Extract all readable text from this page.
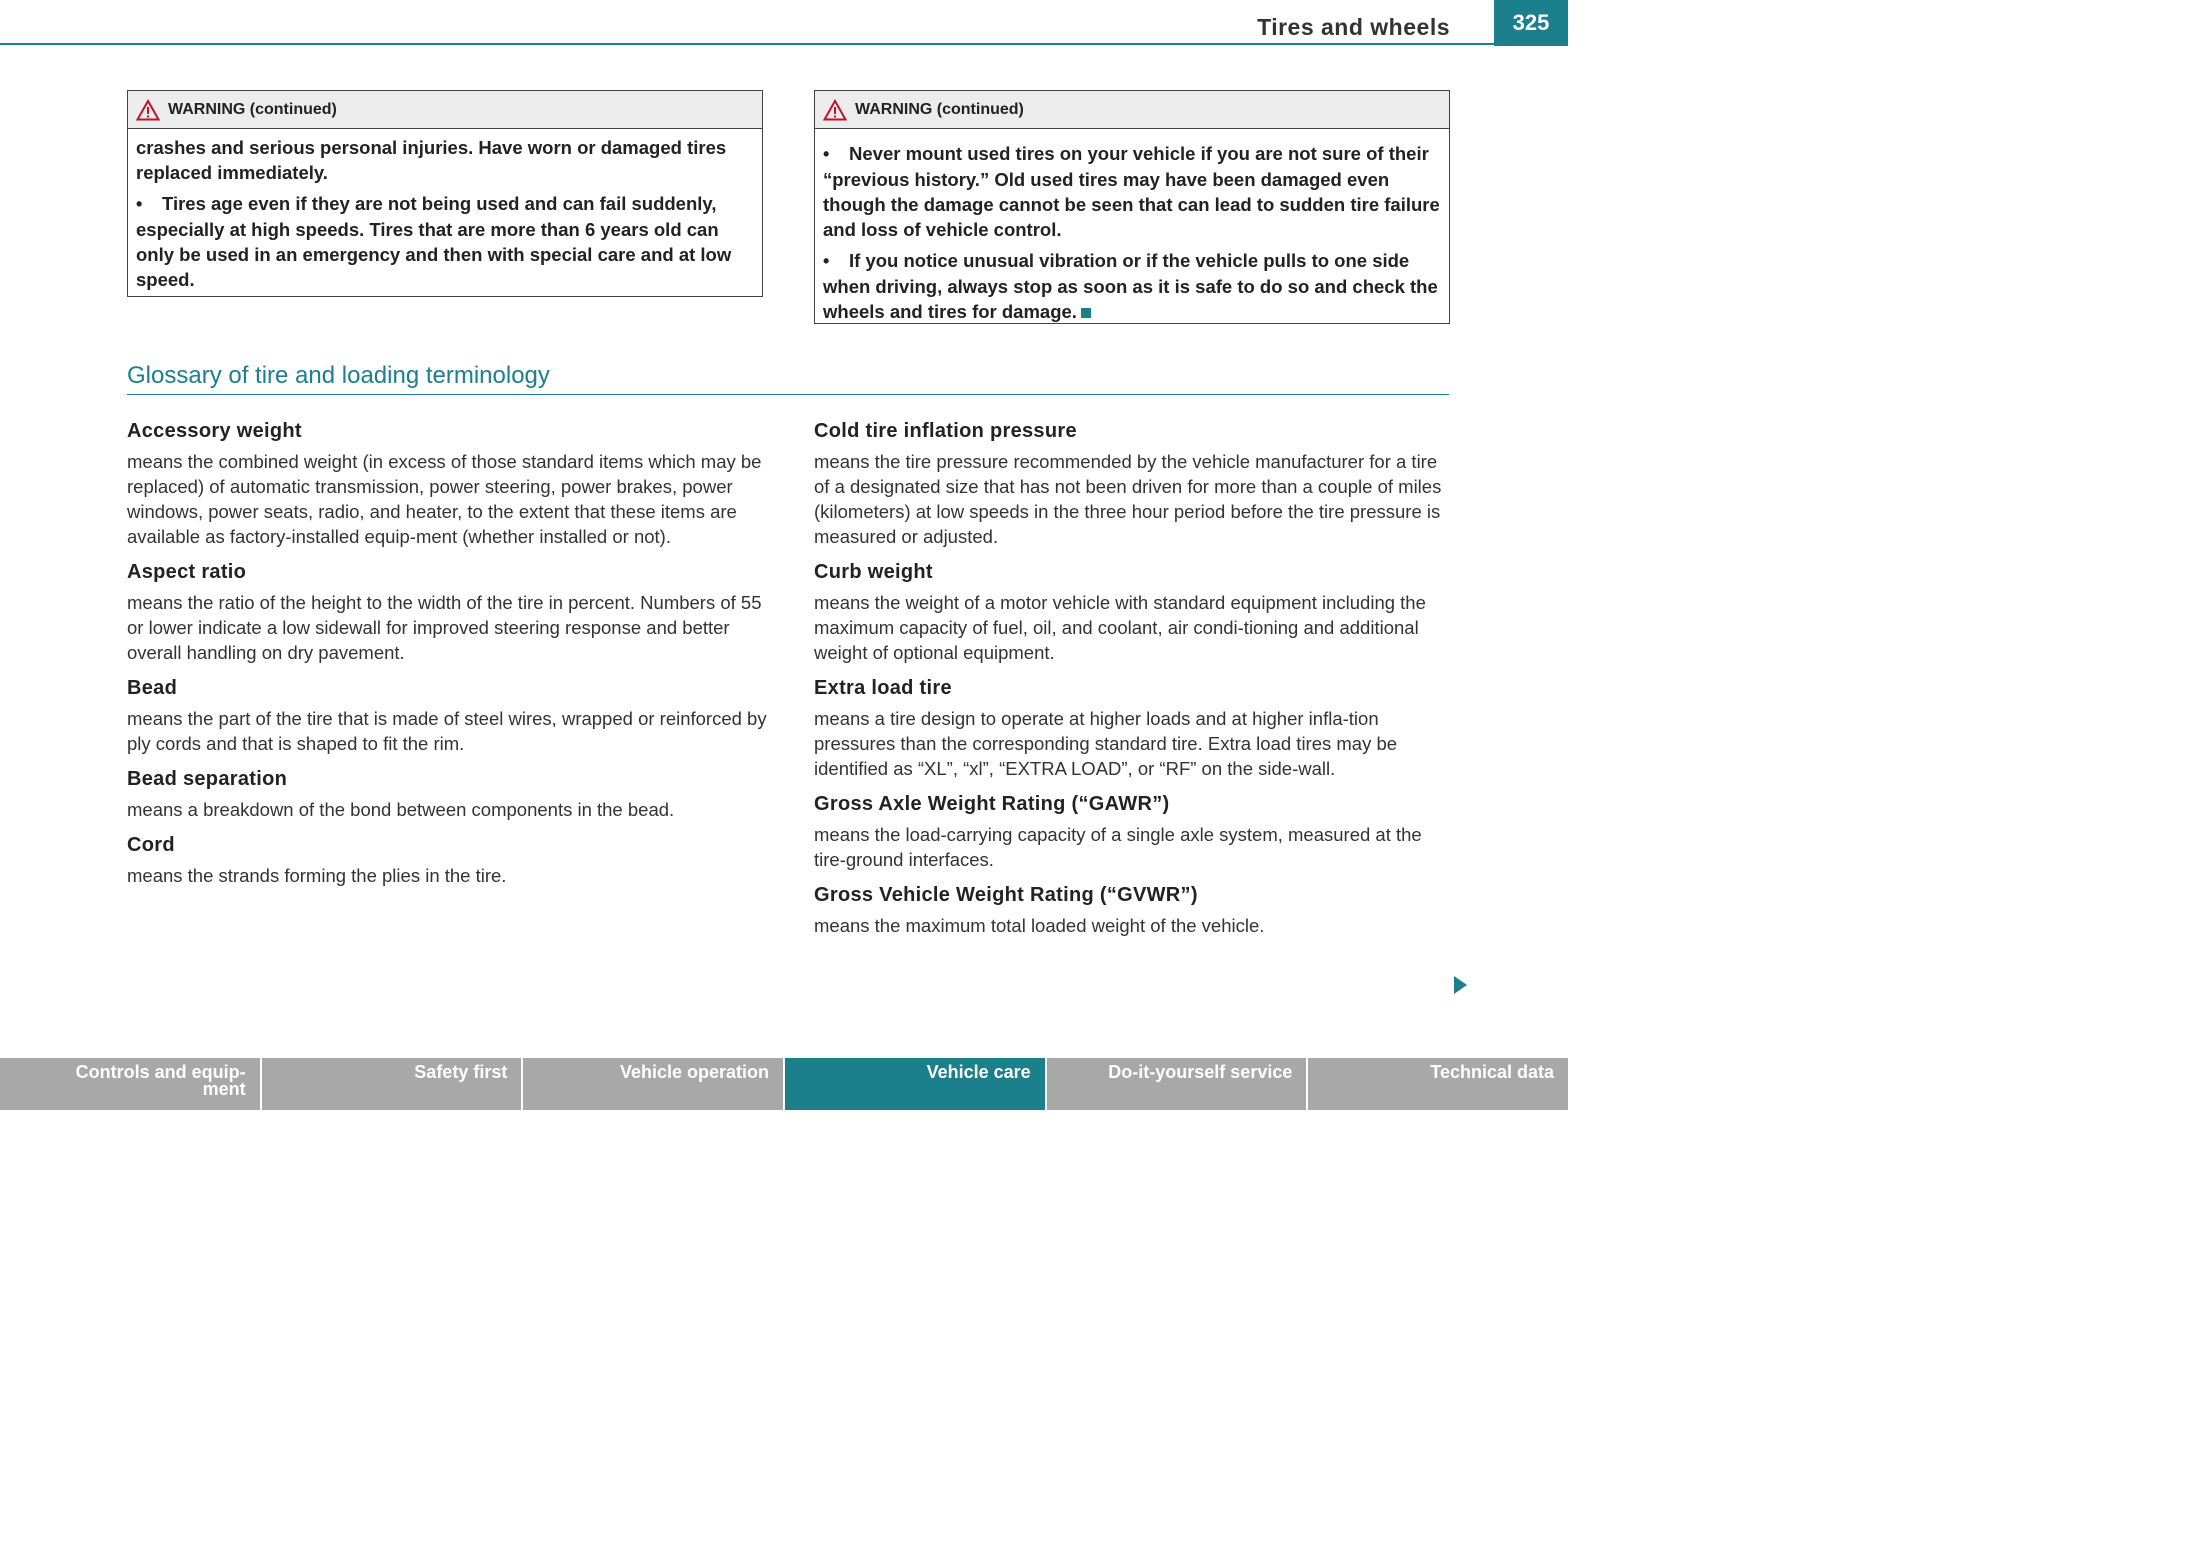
Tires and wheels	325
WARNING (continued)

crashes and serious personal injuries. Have worn or damaged tires replaced immediately.

• Tires age even if they are not being used and can fail suddenly, especially at high speeds. Tires that are more than 6 years old can only be used in an emergency and then with special care and at low speed.

WARNING (continued)

• Never mount used tires on your vehicle if you are not sure of their “previous history.” Old used tires may have been damaged even though the damage cannot be seen that can lead to sudden tire failure and loss of vehicle control.

• If you notice unusual vibration or if the vehicle pulls to one side when driving, always stop as soon as it is safe to do so and check the wheels and tires for damage.

Glossary of tire and loading terminology
Accessory weight

means the combined weight (in excess of those standard items which may be replaced) of automatic transmission, power steering, power brakes, power windows, power seats, radio, and heater, to the extent that these items are available as factory-installed equip-ment (whether installed or not).

Aspect ratio

means the ratio of the height to the width of the tire in percent. Numbers of 55 or lower indicate a low sidewall for improved steering response and better overall handling on dry pavement.

Bead

means the part of the tire that is made of steel wires, wrapped or reinforced by ply cords and that is shaped to fit the rim.

Bead separation

means a breakdown of the bond between components in the bead.

Cord

means the strands forming the plies in the tire.

Cold tire inflation pressure

means the tire pressure recommended by the vehicle manufacturer for a tire of a designated size that has not been driven for more than a couple of miles (kilometers) at low speeds in the three hour period before the tire pressure is measured or adjusted.

Curb weight

means the weight of a motor vehicle with standard equipment including the maximum capacity of fuel, oil, and coolant, air condi-tioning and additional weight of optional equipment.

Extra load tire

means a tire design to operate at higher loads and at higher infla-tion pressures than the corresponding standard tire. Extra load tires may be identified as “XL”, “xl”, “EXTRA LOAD”, or “RF” on the side-wall.

Gross Axle Weight Rating (“GAWR”)

means the load-carrying capacity of a single axle system, measured at the tire-ground interfaces.

Gross Vehicle Weight Rating (“GVWR”)

means the maximum total loaded weight of the vehicle.

Controls and equip-
ment
Safety first	Vehicle operation	Vehicle care	Do-it-yourself service	Technical data
